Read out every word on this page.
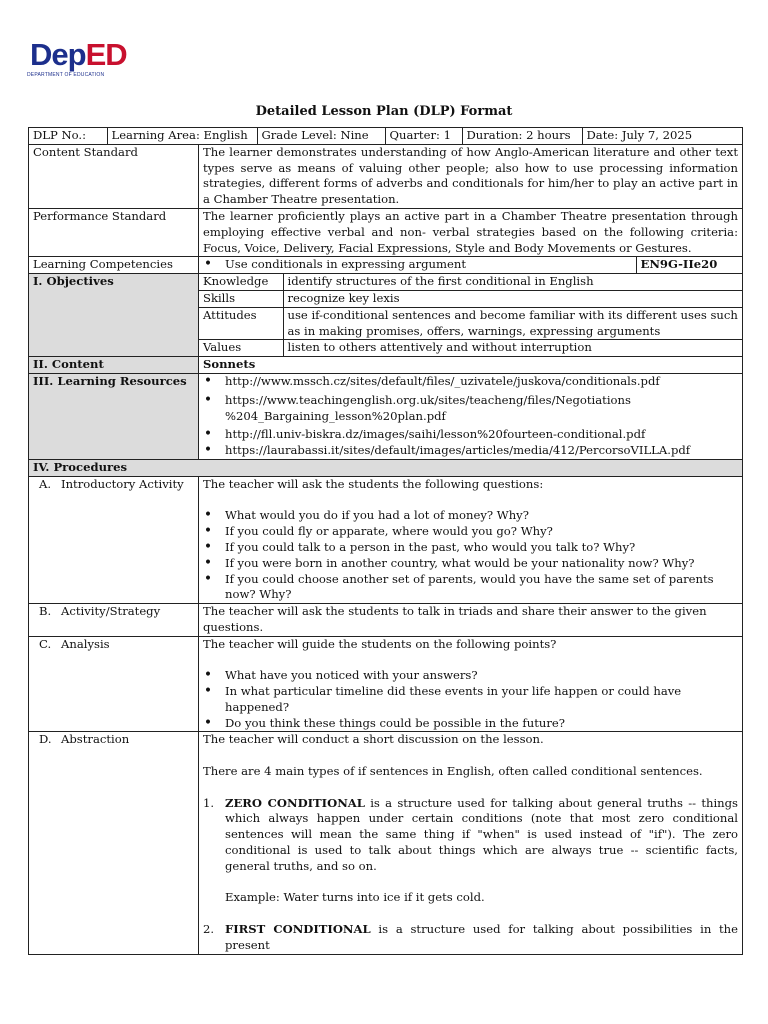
DepED
DEPARTMENT OF EDUCATION
Detailed Lesson Plan (DLP) Format
DLP No.:	Learning Area: English	Grade Level: Nine	Quarter: 1	Duration: 2 hours	Date: July 7, 2025

Content Standard	The learner demonstrates understanding of how Anglo-American literature and other text types serve as means of valuing other people; also how to use processing information strategies, different forms of adverbs and conditionals for him/her to play an active part in a Chamber Theatre presentation.
Performance Standard	The learner proficiently plays an active part in a Chamber Theatre presentation through employing effective verbal and non- verbal strategies based on the following criteria: Focus, Voice, Delivery, Facial Expressions, Style and Body Movements or Gestures.
Learning Competencies	
•	Use conditionals in expressing argument	EN9G-IIe20

I. Objectives		Knowledge	identify structures of the first conditional in English
Skills	recognize key lexis
Attitudes	use if-conditional sentences and become familiar with its different uses such as in making promises, offers, warnings, expressing arguments
Values	listen to others attentively and without interruption

II. Content	Sonnets
III. Learning Resources	
•http://www.mssch.cz/sites/default/files/_uzivatele/juskova/conditionals.pdf
• https://www.teachingenglish.org.uk/sites/teacheng/files/Negotiations %204_Bargaining_lesson%20plan.pdf
• http://fll.univ-biskra.dz/images/saihi/lesson%20fourteen-conditional.pdf
• https://laurabassi.it/sites/default/images/articles/media/412/PercorsoVILLA.pdf

IV. Procedures
A. Introductory Activity	The teacher will ask the students the following questions:
• What would you do if you had a lot of money? Why?
• If you could fly or apparate, where would you go? Why?
• If you could talk to a person in the past, who would you talk to? Why?
• If you were born in another country, what would be your nationality now? Why?
• If you could choose another set of parents, would you have the same set of parents now? Why?

B. Activity/Strategy	The teacher will ask the students to talk in triads and share their answer to the given questions.
C. Analysis	The teacher will guide the students on the following points?
• What have you noticed with your answers?
• In what particular timeline did these events in your life happen or could have happened?
• Do you think these things could be possible in the future?

D. Abstraction	The teacher will conduct a short discussion on the lesson.
There are 4 main types of if sentences in English, often called conditional sentences.
1. ZERO CONDITIONAL is a structure used for talking about general truths -- things which always happen under certain conditions (note that most zero conditional sentences will mean the same thing if "when" is used instead of "if"). The zero conditional is used to talk about things which are always true -- scientific facts, general truths, and so on.
Example: Water turns into ice if it gets cold.
2. FIRST CONDITIONAL is a structure used for talking about possibilities in the present
